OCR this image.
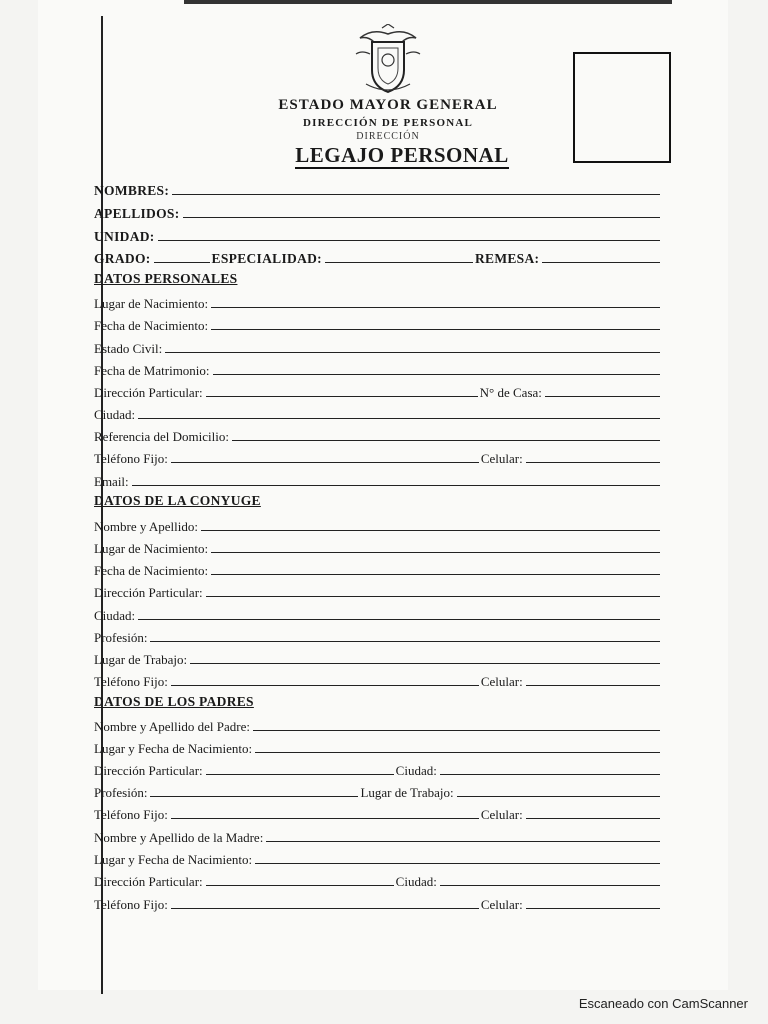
ESTADO MAYOR GENERAL
DIRECCIÓN DE PERSONAL
DIRECCIÓN
LEGAJO PERSONAL
NOMBRES:
APELLIDOS:
UNIDAD:
GRADO:	ESPECIALIDAD:	REMESA:
DATOS PERSONALES
Lugar de Nacimiento:
Fecha de Nacimiento:
Estado Civil:
Fecha de Matrimonio:
Dirección Particular:	N° de Casa:
Ciudad:
Referencia del Domicilio:
Teléfono Fijo:	Celular:
Email:
DATOS DE LA CONYUGE
Nombre y Apellido:
Lugar de Nacimiento:
Fecha de Nacimiento:
Dirección Particular:
Ciudad:
Profesión:
Lugar de Trabajo:
Teléfono Fijo:	Celular:
DATOS DE LOS PADRES
Nombre y Apellido del Padre:
Lugar y Fecha de Nacimiento:
Dirección Particular:	Ciudad:
Profesión:	Lugar de Trabajo:
Teléfono Fijo:	Celular:
Nombre y Apellido de la Madre:
Lugar y Fecha de Nacimiento:
Dirección Particular:	Ciudad:
Teléfono Fijo:	Celular:
Escaneado con CamScanner
